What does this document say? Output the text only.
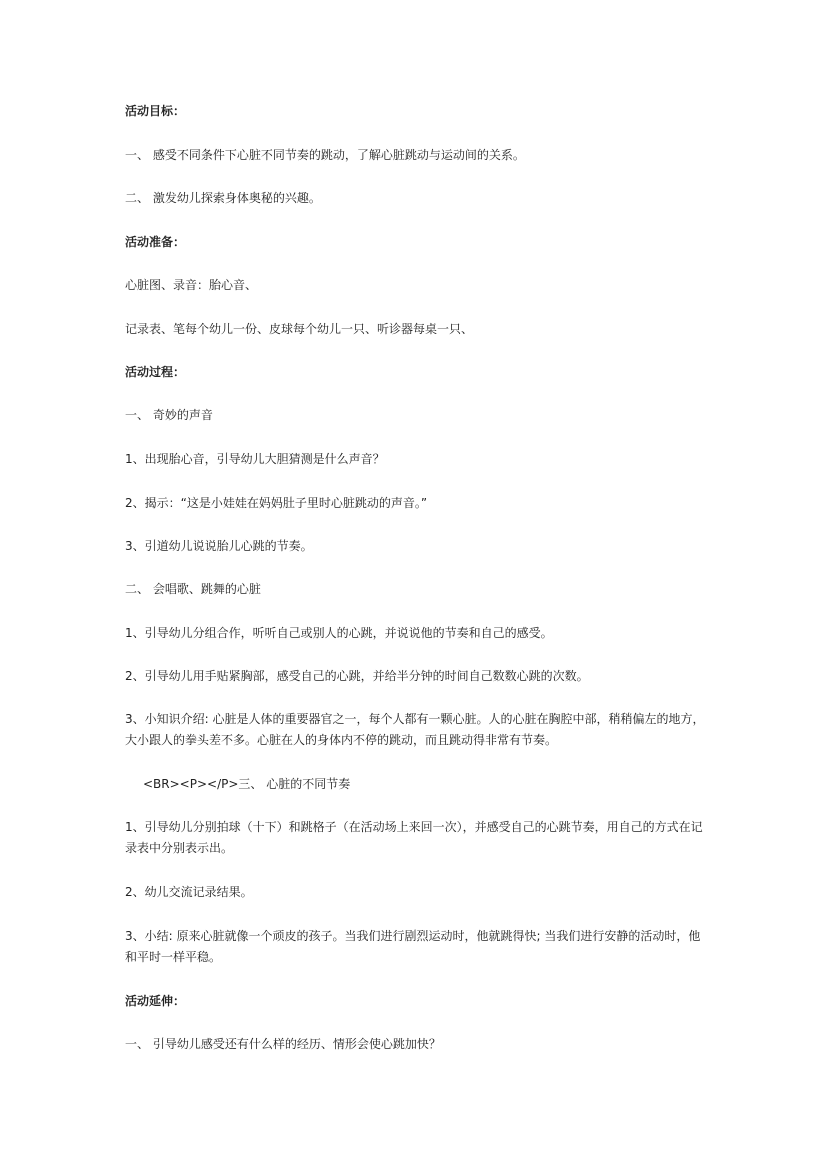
活动目标：
一、 感受不同条件下心脏不同节奏的跳动，了解心脏跳动与运动间的关系。
二、 激发幼儿探索身体奥秘的兴趣。
活动准备：
心脏图、录音：胎心音、
记录表、笔每个幼儿一份、皮球每个幼儿一只、听诊器每桌一只、
活动过程：
一、 奇妙的声音
1、出现胎心音，引导幼儿大胆猜测是什么声音？
2、揭示：“这是小娃娃在妈妈肚子里时心脏跳动的声音。”
3、引道幼儿说说胎儿心跳的节奏。
二、 会唱歌、跳舞的心脏
1、引导幼儿分组合作，听听自己或别人的心跳，并说说他的节奏和自己的感受。
2、引导幼儿用手贴紧胸部，感受自己的心跳，并给半分钟的时间自己数数心跳的次数。
3、小知识介绍: 心脏是人体的重要器官之一，每个人都有一颗心脏。人的心脏在胸腔中部，稍稍偏左的地方，大小跟人的拳头差不多。心脏在人的身体内不停的跳动，而且跳动得非常有节奏。
<BR><P></P>三、 心脏的不同节奏
1、引导幼儿分别拍球（十下）和跳格子（在活动场上来回一次），并感受自己的心跳节奏，用自己的方式在记录表中分别表示出。
2、幼儿交流记录结果。
3、小结: 原来心脏就像一个顽皮的孩子。当我们进行剧烈运动时，他就跳得快; 当我们进行安静的活动时，他和平时一样平稳。
活动延伸：
一、 引导幼儿感受还有什么样的经历、情形会使心跳加快？
